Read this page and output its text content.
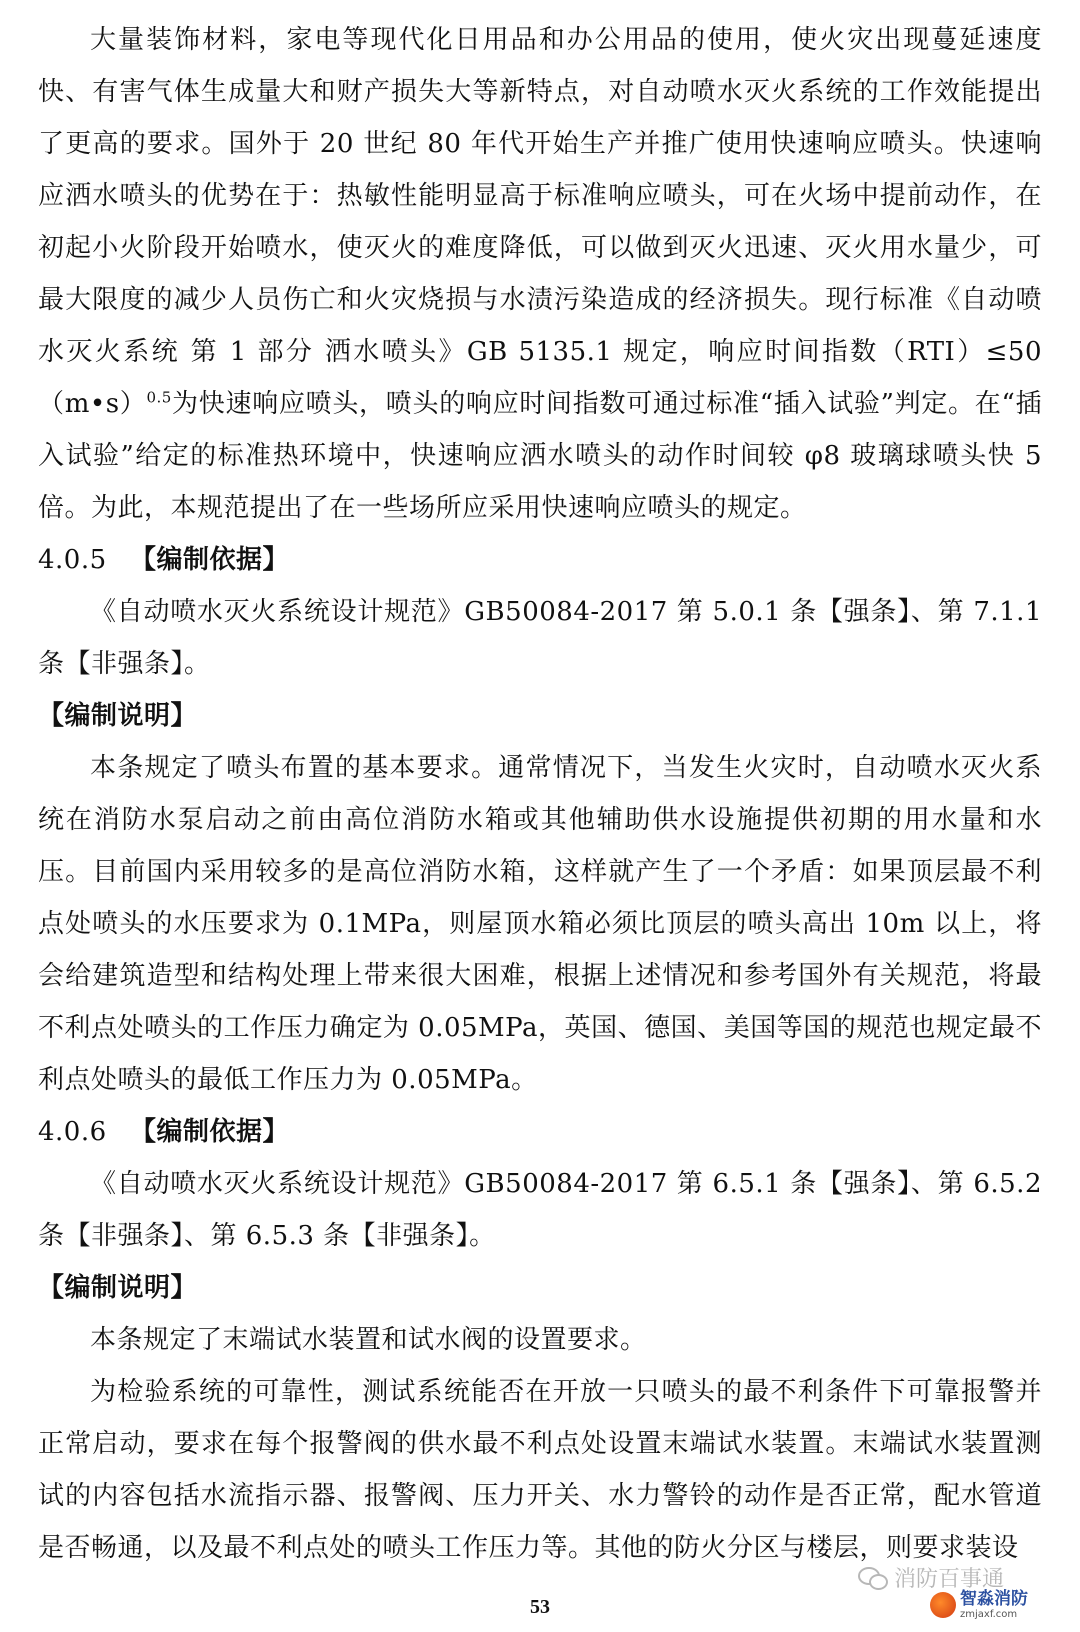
大量装饰材料，家电等现代化日用品和办公用品的使用，使火灾出现蔓延速度快、有害气体生成量大和财产损失大等新特点，对自动喷水灭火系统的工作效能提出了更高的要求。国外于 20 世纪 80 年代开始生产并推广使用快速响应喷头。快速响应洒水喷头的优势在于：热敏性能明显高于标准响应喷头，可在火场中提前动作，在初起小火阶段开始喷水，使灭火的难度降低，可以做到灭火迅速、灭火用水量少，可最大限度的减少人员伤亡和火灾烧损与水渍污染造成的经济损失。现行标准《自动喷水灭火系统 第 1 部分 洒水喷头》GB 5135.1 规定，响应时间指数（RTI）≤50（m•s）$^{0.5}$为快速响应喷头，喷头的响应时间指数可通过标准“插入试验”判定。在“插入试验”给定的标准热环境中，快速响应洒水喷头的动作时间较 φ8 玻璃球喷头快 5 倍。为此，本规范提出了在一些场所应采用快速响应喷头的规定。

4.0.5 【编制依据】

《自动喷水灭火系统设计规范》GB50084-2017 第 5.0.1 条【强条】、第 7.1.1 条【非强条】。

【编制说明】

本条规定了喷头布置的基本要求。通常情况下，当发生火灾时，自动喷水灭火系统在消防水泵启动之前由高位消防水箱或其他辅助供水设施提供初期的用水量和水压。目前国内采用较多的是高位消防水箱，这样就产生了一个矛盾：如果顶层最不利点处喷头的水压要求为 0.1MPa，则屋顶水箱必须比顶层的喷头高出 10m 以上，将会给建筑造型和结构处理上带来很大困难，根据上述情况和参考国外有关规范，将最不利点处喷头的工作压力确定为 0.05MPa，英国、德国、美国等国的规范也规定最不利点处喷头的最低工作压力为 0.05MPa。

4.0.6 【编制依据】

《自动喷水灭火系统设计规范》GB50084-2017 第 6.5.1 条【强条】、第 6.5.2 条【非强条】、第 6.5.3 条【非强条】。

【编制说明】

本条规定了末端试水装置和试水阀的设置要求。

为检验系统的可靠性，测试系统能否在开放一只喷头的最不利条件下可靠报警并正常启动，要求在每个报警阀的供水最不利点处设置末端试水装置。末端试水装置测试的内容包括水流指示器、报警阀、压力开关、水力警铃的动作是否正常，配水管道是否畅通，以及最不利点处的喷头工作压力等。其他的防火分区与楼层，则要求装设

消防百事通
53	智淼消防
zmjaxf.com
